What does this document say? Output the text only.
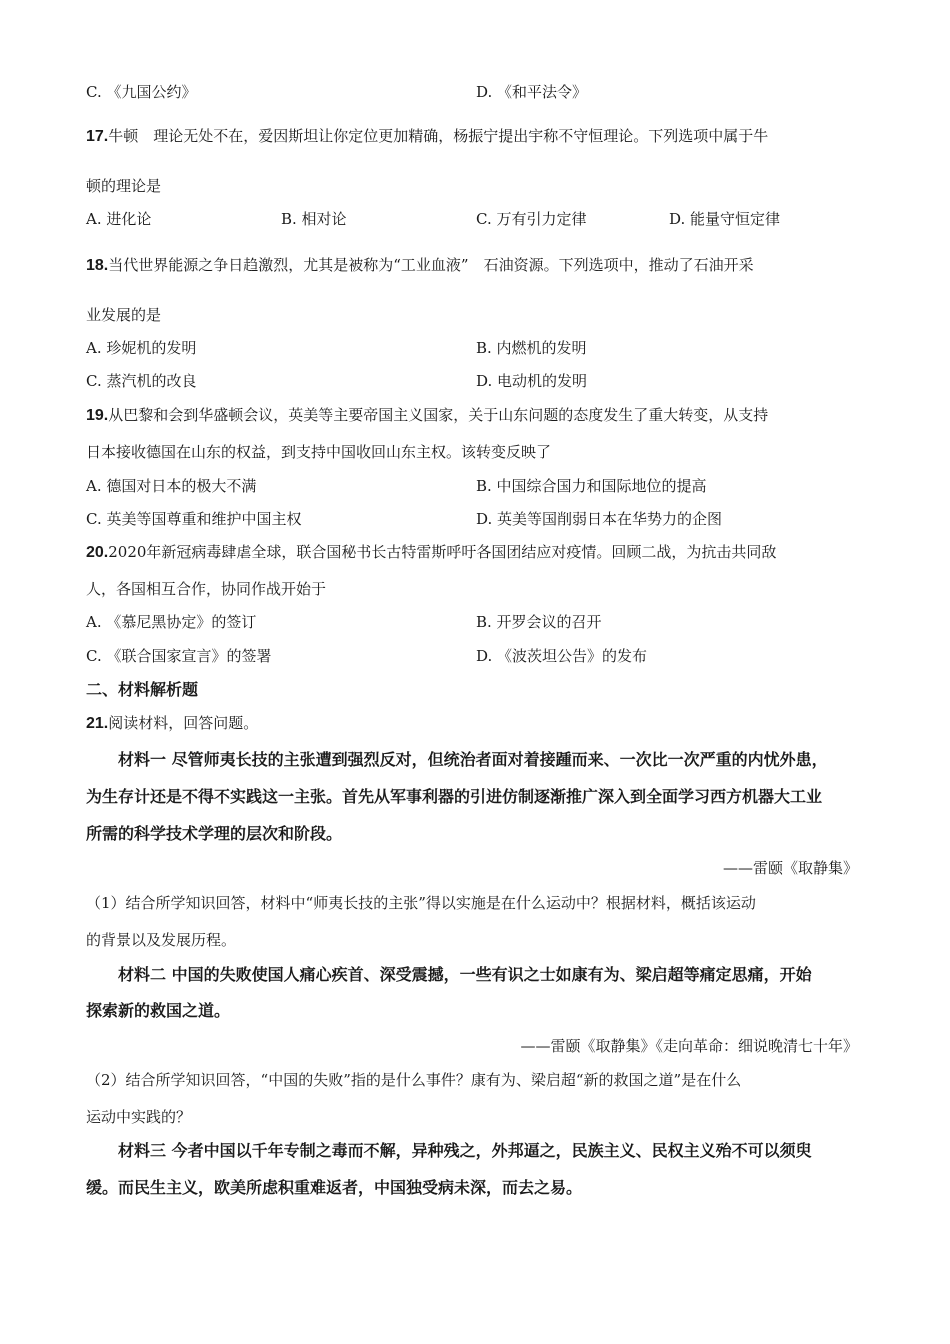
C. 《九国公约》	D. 《和平法令》
17.牛顿　理论无处不在，爱因斯坦让你定位更加精确，杨振宁提出宇称不守恒理论。下列选项中属于牛
顿的理论是
A. 进化论	B. 相对论	C. 万有引力定律	D. 能量守恒定律
18.当代世界能源之争日趋激烈，尤其是被称为“工业血液”　石油资源。下列选项中，推动了石油开采
业发展的是
A. 珍妮机的发明	B. 内燃机的发明
C. 蒸汽机的改良	D. 电动机的发明
19.从巴黎和会到华盛顿会议，英美等主要帝国主义国家，关于山东问题的态度发生了重大转变，从支持
日本接收德国在山东的权益，到支持中国收回山东主权。该转变反映了
A. 德国对日本的极大不满	B. 中国综合国力和国际地位的提高
C. 英美等国尊重和维护中国主权	D. 英美等国削弱日本在华势力的企图
20.2020年新冠病毒肆虐全球，联合国秘书长古特雷斯呼吁各国团结应对疫情。回顾二战，为抗击共同敌
人，各国相互合作，协同作战开始于
A. 《慕尼黑协定》的签订	B. 开罗会议的召开
C. 《联合国家宣言》的签署	D. 《波茨坦公告》的发布
二、材料解析题
21.阅读材料，回答问题。
材料一 尽管师夷长技的主张遭到强烈反对，但统治者面对着接踵而来、一次比一次严重的内忧外患，
为生存计还是不得不实践这一主张。首先从军事利器的引进仿制逐渐推广深入到全面学习西方机器大工业
所需的科学技术学理的层次和阶段。
——雷颐《取静集》
（1）结合所学知识回答，材料中“师夷长技的主张”得以实施是在什么运动中？根据材料，概括该运动
的背景以及发展历程。
材料二 中国的失败使国人痛心疾首、深受震撼，一些有识之士如康有为、梁启超等痛定思痛，开始
探索新的救国之道。
——雷颐《取静集》《走向革命：细说晚清七十年》
（2）结合所学知识回答，“中国的失败”指的是什么事件？康有为、梁启超“新的救国之道”是在什么
运动中实践的？
材料三 今者中国以千年专制之毒而不解，异种残之，外邦逼之，民族主义、民权主义殆不可以须臾
缓。而民生主义，欧美所虑积重难返者，中国独受病未深，而去之易。
